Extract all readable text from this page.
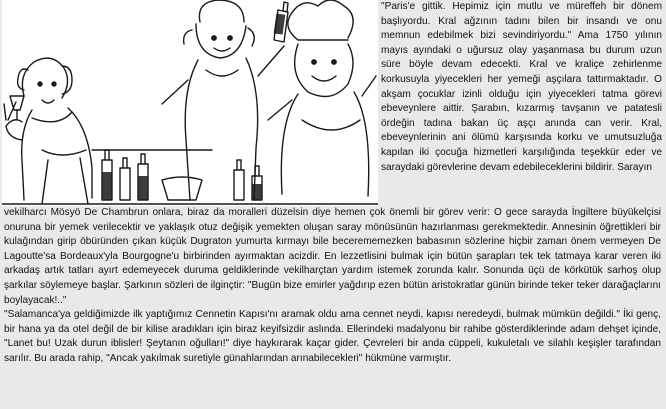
"Paris'e gittik. Hepimiz için mutlu ve müreffeh bir dönem başlıyordu. Kral ağzının tadını bilen bir insandı ve onu memnun edebilmek bizi sevindiriyordu." Ama 1750 yılının mayıs ayındaki o uğursuz olay yaşanmasa bu durum uzun süre böyle devam edecekti. Kral ve kraliçe zehirlenme korkusuyla yiyecekleri her yemeği aşçılara tattırmaktadır. O akşam çocuklar izinli olduğu için yiyecekleri tatma görevi ebeveynlere aittir. Şarabın, kızarmış tavşanın ve patatesli ördeğin tadına bakan üç aşçı anında can verir. Kral, ebeveynlerinin ani ölümü karşısında korku ve umutsuzluğa kapılan iki çocuğa hizmetleri karşılığında teşekkür eder ve saraydaki görevlerine devam edebileceklerini bildirir. Sarayın

vekilharcı Mösyö De Chambrun onlara, biraz da moralleri düzelsin diye hemen çok önemli bir görev verir: O gece sarayda İngiltere büyükelçisi onuruna bir yemek verilecektir ve yaklaşık otuz değişik yemekten oluşan saray mönüsünün hazırlanması gerekmektedir. Annesinin öğrettikleri bir kulağından girip öbüründen çıkan küçük Dugraton yumurta kırmayı bile becerememezken babasının sözlerine hiçbir zaman önem vermeyen De Lagoutte'sa Bordeaux'yla Bourgogne'u birbirinden ayırmaktan acizdir. En lezzetlisini bulmak için bütün şarapları tek tek tatmaya karar veren iki arkadaş artık tatları ayırt edemeyecek duruma geldiklerinde vekilharçtan yardım istemek zorunda kalır. Sonunda üçü de körkütük sarhoş olup şarkılar söylemeye başlar. Şarkının sözleri de ilginçtir: "Bugün bize emirler yağdırıp ezen bütün aristokratlar günün birinde teker teker darağaçlarını boylayacak!.."

"Salamanca'ya geldiğimizde ilk yaptığımız Cennetin Kapısı'nı aramak oldu ama cennet neydi, kapısı neredeydi, bulmak mümkün değildi." İki genç, bir hana ya da otel değil de bir kilise aradıkları için biraz keyifsizdir aslında. Ellerindeki madalyonu bir rahibe gösterdiklerinde adam dehşet içinde, "Lanet bu! Uzak durun iblisler! Şeytanın oğulları!" diye haykırarak kaçar gider. Çevreleri bir anda cüppeli, kukuletalı ve silahlı keşişler tarafından sarılır. Bu arada rahip, "Ancak yakılmak suretiyle günahlarından arınabilecekleri" hükmüne varmıştır.
